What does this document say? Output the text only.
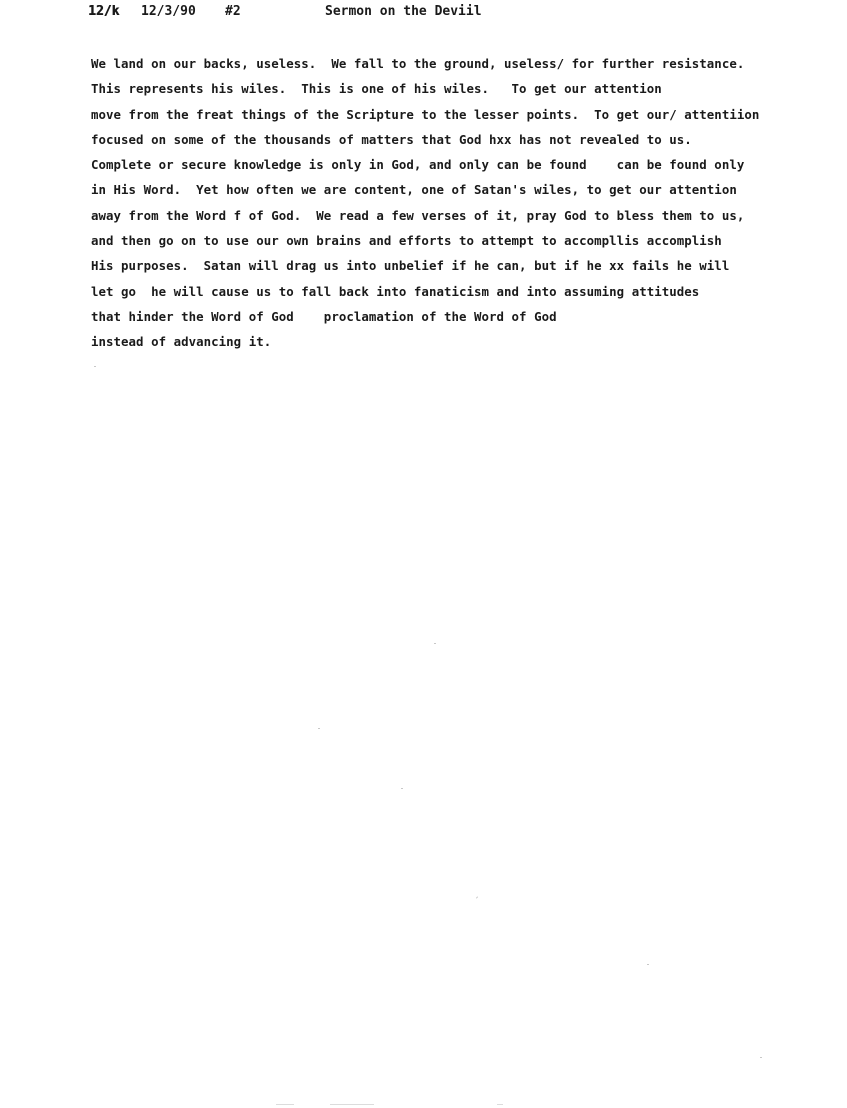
12/k

12/3/90

#2

	Sermon on the Deviil

We land on our backs, useless.  We fall to the ground, useless/ for further resistance.
This represents his wiles.  This is one of his wiles.   To get our attention
move from the freat things of the Scripture to the lesser points.  To get our/ attentiion
focused on some of the thousands of matters that God hxx has not revealed to us.
Complete or secure knowledge is only in God, and only can be found    can be found only
in His Word.  Yet how often we are content, one of Satan's wiles, to get our attention
away from the Word f of God.  We read a few verses of it, pray God to bless them to us,
and then go on to use our own brains and efforts to attempt to accompllis accomplish
His purposes.  Satan will drag us into unbelief if he can, but if he xx fails he will
let go  he will cause us to fall back into fanaticism and into assuming attitudes
that hinder the Word of God    proclamation of the Word of God
instead of advancing it.
